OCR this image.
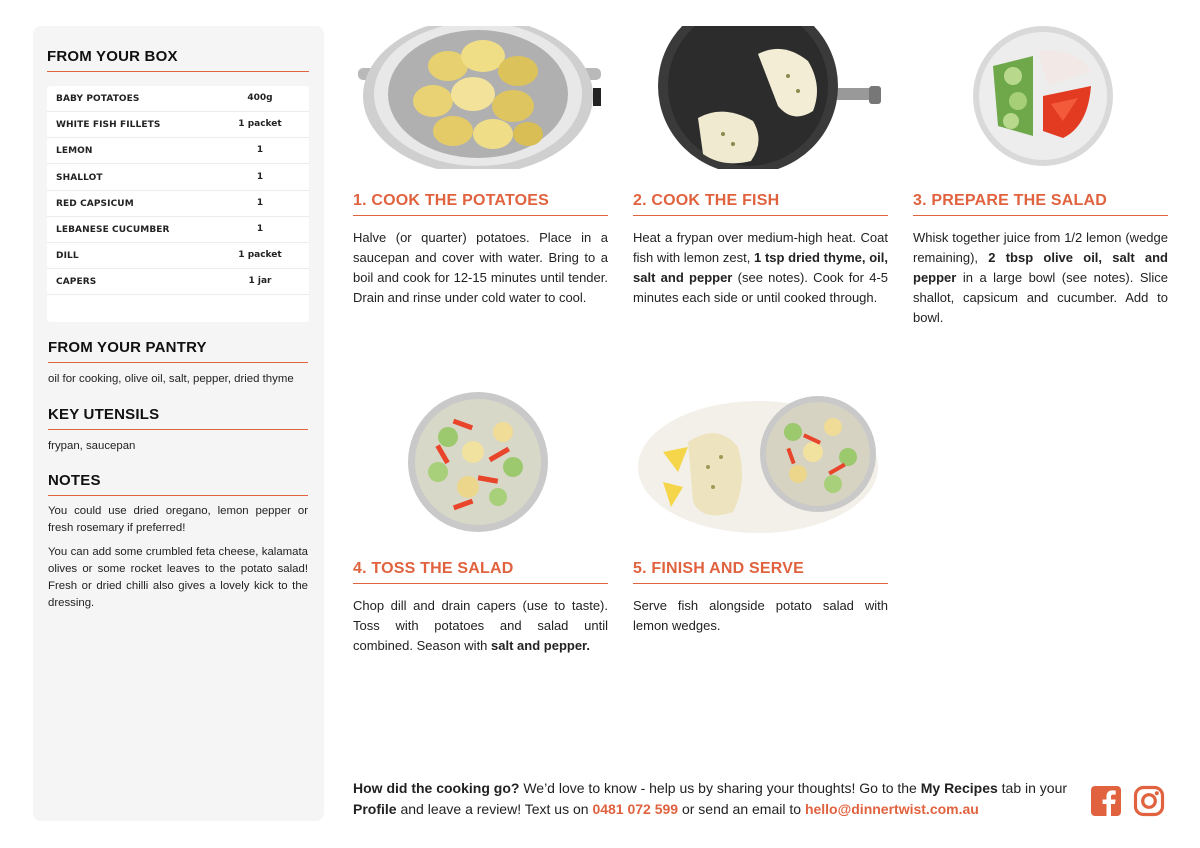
FROM YOUR BOX
BABY POTATOES	400g
WHITE FISH FILLETS	1 packet
LEMON	1
SHALLOT	1
RED CAPSICUM	1
LEBANESE CUCUMBER	1
DILL	1 packet
CAPERS	1 jar
FROM YOUR PANTRY

oil for cooking, olive oil, salt, pepper, dried thyme

KEY UTENSILS

frypan, saucepan

NOTES

You could use dried oregano, lemon pepper or fresh rosemary if preferred!

You can add some crumbled feta cheese, kalamata olives or some rocket leaves to the potato salad! Fresh or dried chilli also gives a lovely kick to the dressing.

1. COOK THE POTATOES
Halve (or quarter) potatoes. Place in a saucepan and cover with water. Bring to a boil and cook for 12-15 minutes until tender. Drain and rinse under cold water to cool.
2. COOK THE FISH
Heat a frypan over medium-high heat. Coat fish with lemon zest, 1 tsp dried thyme, oil, salt and pepper (see notes). Cook for 4-5 minutes each side or until cooked through.
3. PREPARE THE SALAD
Whisk together juice from 1/2 lemon (wedge remaining), 2 tbsp olive oil, salt and pepper in a large bowl (see notes). Slice shallot, capsicum and cucumber. Add to bowl.
4. TOSS THE SALAD
Chop dill and drain capers (use to taste). Toss with potatoes and salad until combined. Season with salt and pepper.
5. FINISH AND SERVE
Serve fish alongside potato salad with lemon wedges.
How did the cooking go? We’d love to know - help us by sharing your thoughts! Go to the My Recipes tab in your Profile and leave a review! Text us on 0481 072 599 or send an email to hello@dinnertwist.com.au
